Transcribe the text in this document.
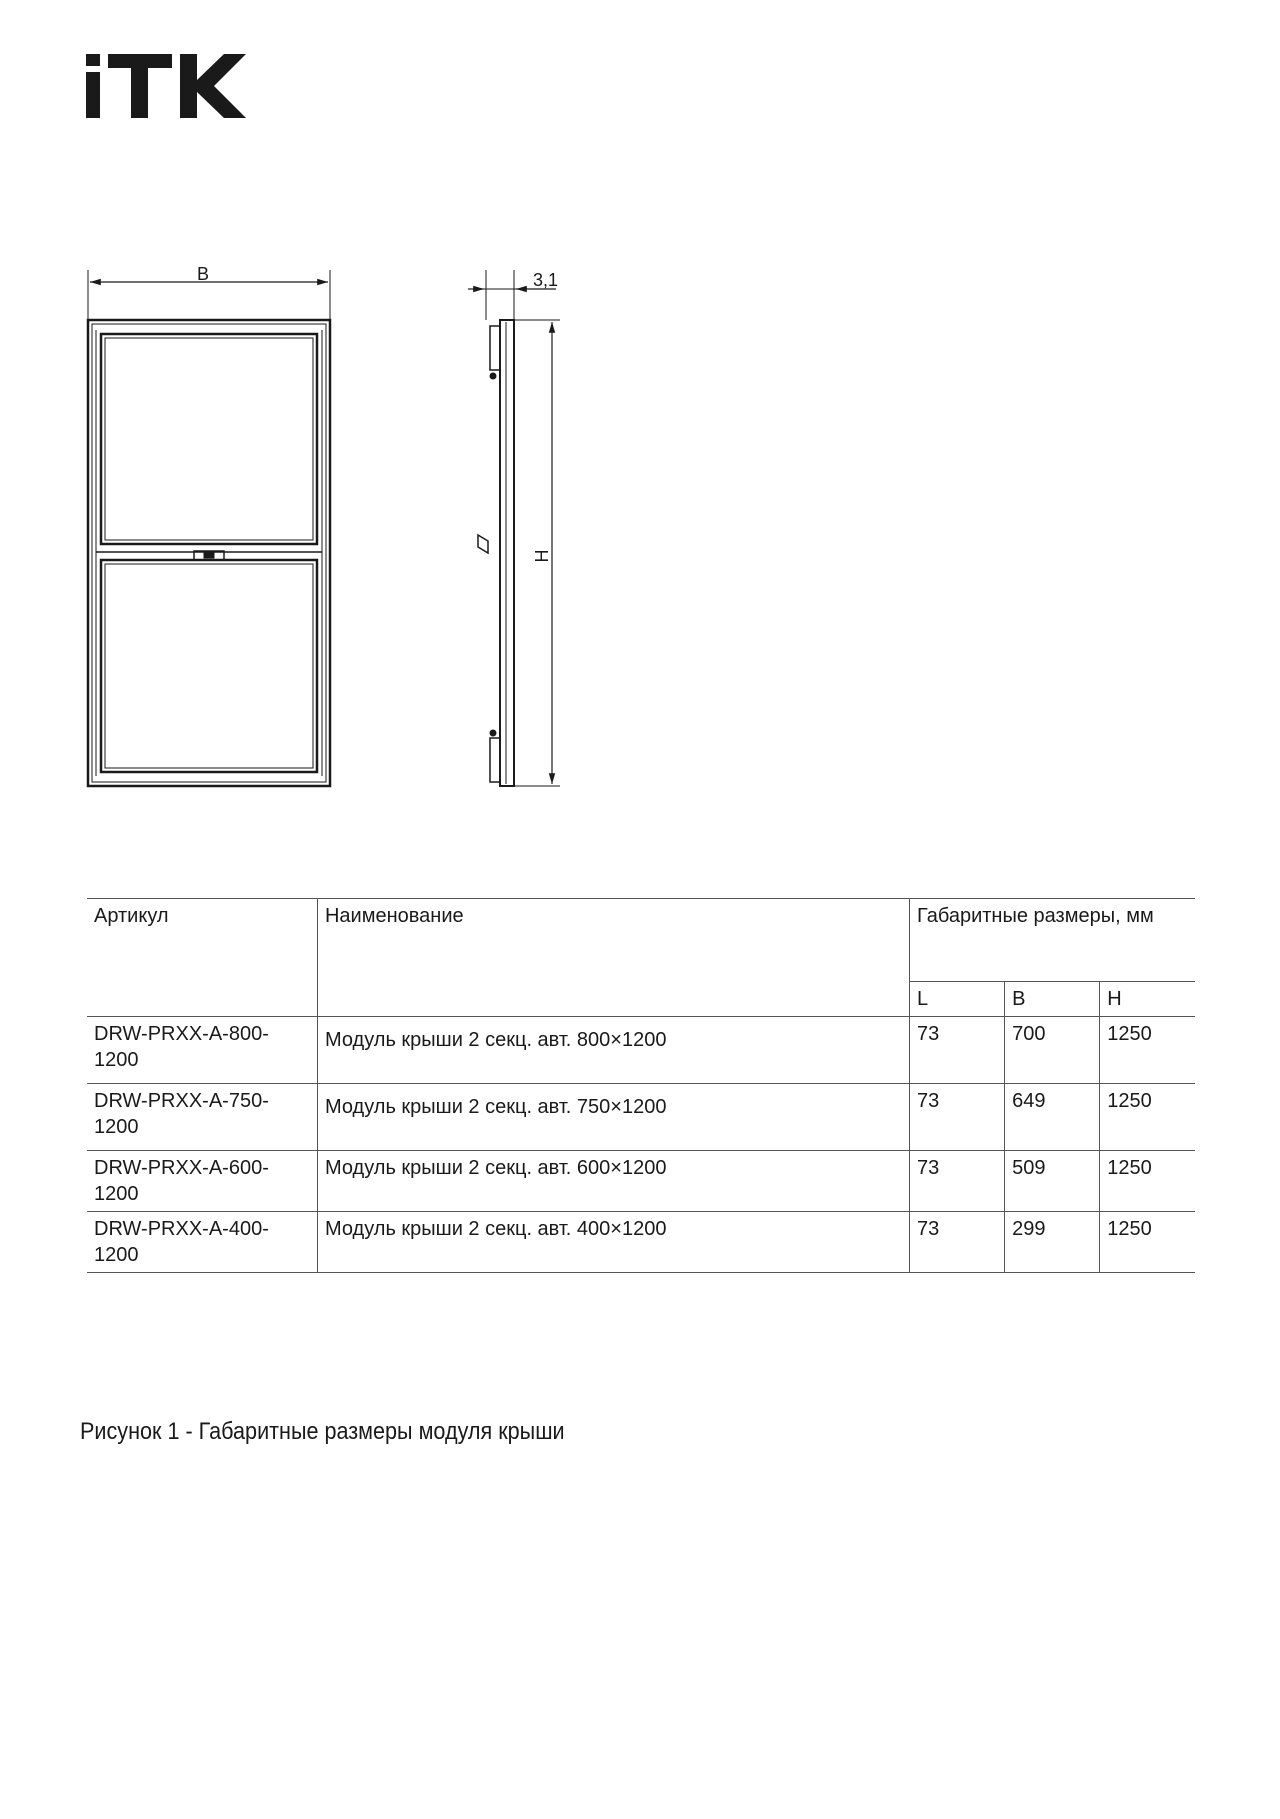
B	3,1
H
Артикул	Наименование	Габаритные размеры, мм		
		L	B	H
DRW-PRXX-A-800-
1200	Модуль крыши 2 секц. авт. 800×1200	73	700	1250
DRW-PRXX-A-750-
1200	Модуль крыши 2 секц. авт. 750×1200	73	649	1250
DRW-PRXX-A-600-
1200	Модуль крыши 2 секц. авт. 600×1200	73	509	1250
DRW-PRXX-A-400-
1200	Модуль крыши 2 секц. авт. 400×1200	73	299	1250
Рисунок 1 - Габаритные размеры модуля крыши
